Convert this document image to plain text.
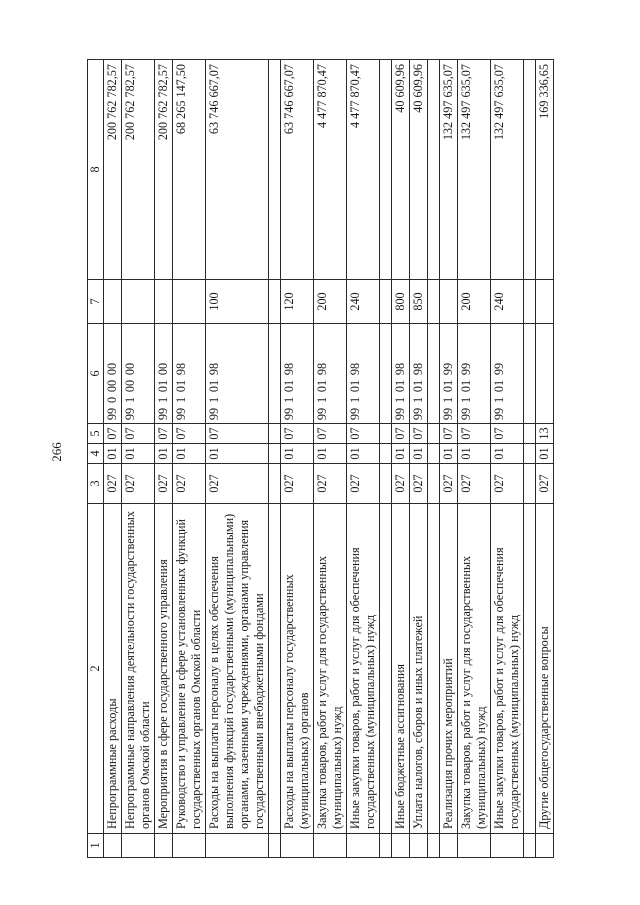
266
1	2	3	4	5	6	7	8
	Непрограммные расходы	027	01	07	9900000		200 762 782,57
	Непрограммные направления деятельности государственных органов Омской области	027	01	07	9910000		200 762 782,57
	Мероприятия в сфере государственного управления	027	01	07	9910100		200 762 782,57
	Руководство и управление в сфере установленных функций государственных органов Омской области	027	01	07	9910198		68 265 147,50
	Расходы на выплаты персоналу в целях обеспечения выполнения функций государственными (муниципальными) органами, казенными учреждениями, органами управления государственными внебюджетными фондами	027	01	07	9910198	100	63 746 667,07

	Расходы на выплаты персоналу государственных (муниципальных) органов	027	01	07	9910198	120	63 746 667,07
	Закупка товаров, работ и услуг для государственных (муниципальных) нужд	027	01	07	9910198	200	4 477 870,47
	Иные закупки товаров, работ и услуг для обеспечения государственных (муниципальных) нужд	027	01	07	9910198	240	4 477 870,47

	Иные бюджетные ассигнования	027	01	07	9910198	800	40 609,96
	Уплата налогов, сборов и иных платежей	027	01	07	9910198	850	40 609,96

	Реализация прочих мероприятий	027	01	07	9910199		132 497 635,07
	Закупка товаров, работ и услуг для государственных (муниципальных) нужд	027	01	07	9910199	200	132 497 635,07
	Иные закупки товаров, работ и услуг для обеспечения государственных (муниципальных) нужд	027	01	07	9910199	240	132 497 635,07

	Другие общегосударственные вопросы	027	01	13			169 336,65
